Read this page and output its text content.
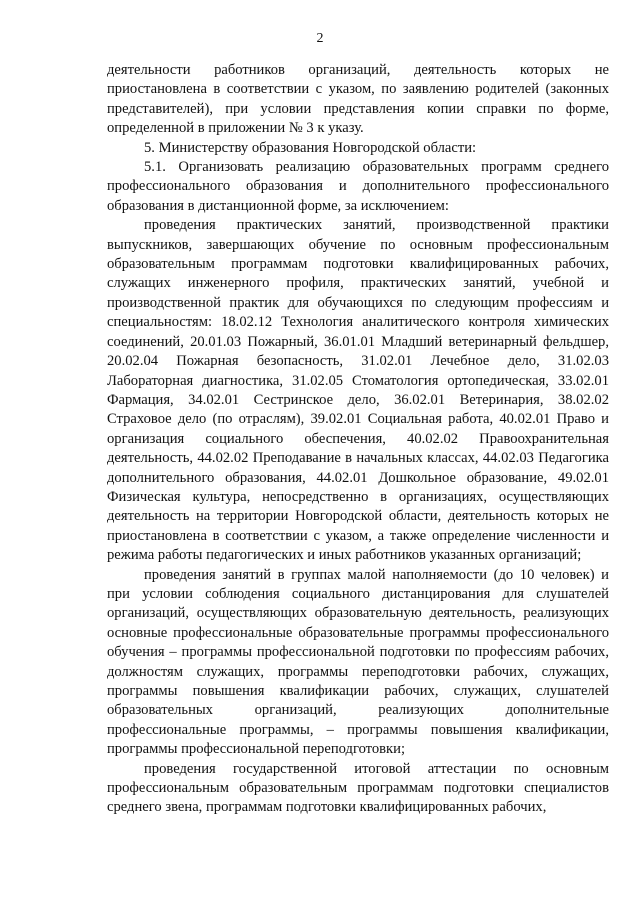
2

деятельности работников организаций, деятельность которых не приостановлена в соответствии с указом, по заявлению родителей (законных представителей), при условии представления копии справки по форме, определенной в приложении № 3 к указу.

5. Министерству образования Новгородской области:

5.1. Организовать реализацию образовательных программ среднего профессионального образования и дополнительного профессионального образования в дистанционной форме, за исключением:

проведения практических занятий, производственной практики выпускников, завершающих обучение по основным профессиональным образовательным программам подготовки квалифицированных рабочих, служащих инженерного профиля, практических занятий, учебной и производственной практик для обучающихся по следующим профессиям и специальностям: 18.02.12 Технология аналитического контроля химических соединений, 20.01.03 Пожарный, 36.01.01 Младший ветеринарный фельдшер, 20.02.04 Пожарная безопасность, 31.02.01 Лечебное дело, 31.02.03 Лабораторная диагностика, 31.02.05 Стоматология ортопедическая, 33.02.01 Фармация, 34.02.01 Сестринское дело, 36.02.01 Ветеринария, 38.02.02 Страховое дело (по отраслям), 39.02.01 Социальная работа, 40.02.01 Право и организация социального обеспечения, 40.02.02 Правоохранительная деятельность, 44.02.02 Преподавание в начальных классах, 44.02.03 Педагогика дополнительного образования, 44.02.01 Дошкольное образование, 49.02.01 Физическая культура, непосредственно в организациях, осуществляющих деятельность на территории Новгородской области, деятельность которых не приостановлена в соответствии с указом, а также определение численности и режима работы педагогических и иных работников указанных организаций;

проведения занятий в группах малой наполняемости (до 10 человек) и при условии соблюдения социального дистанцирования для слушателей организаций, осуществляющих образовательную деятельность, реализующих основные профессиональные образовательные программы профессионального обучения – программы профессиональной подготовки по профессиям рабочих, должностям служащих, программы переподготовки рабочих, служащих, программы повышения квалификации рабочих, служащих, слушателей образовательных организаций, реализующих дополнительные профессиональные программы, – программы повышения квалификации, программы профессиональной переподготовки;

проведения государственной итоговой аттестации по основным профессиональным образовательным программам подготовки специалистов среднего звена, программам подготовки квалифицированных рабочих,
